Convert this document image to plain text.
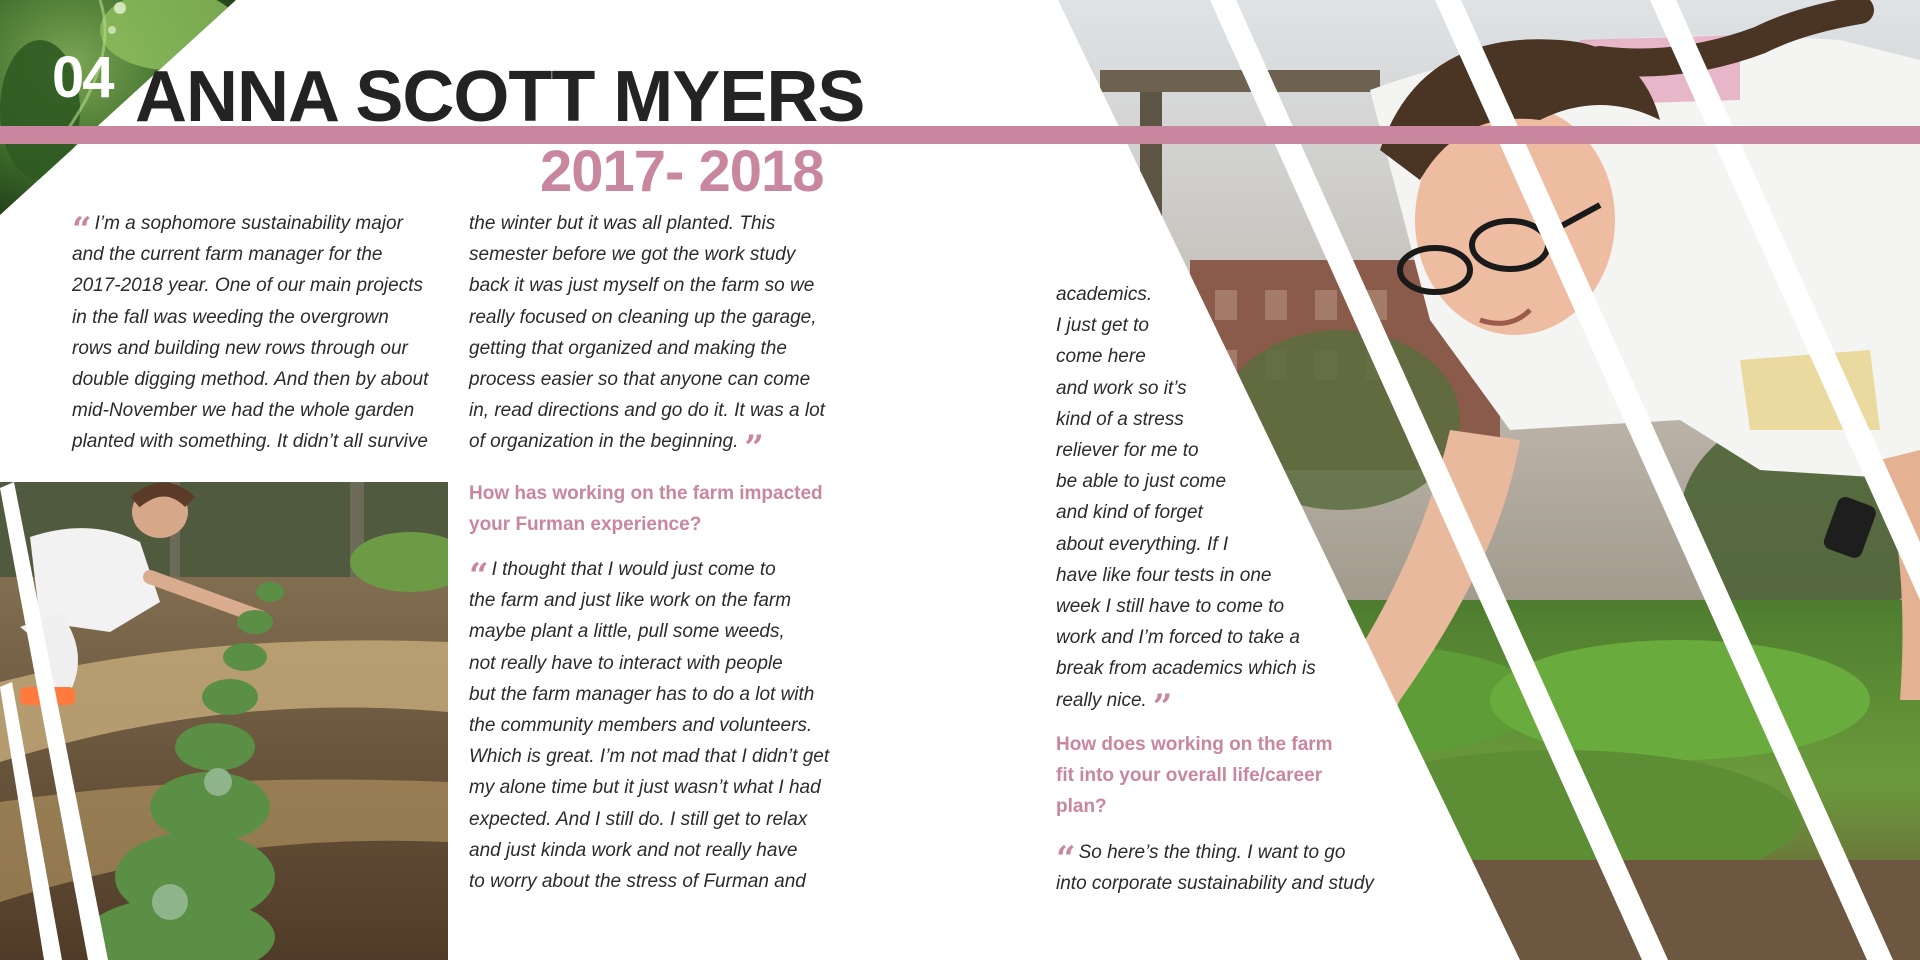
04 ANNA SCOTT MYERS
2017- 2018
“ I’m a sophomore sustainability major
and the current farm manager for the
2017-2018 year. One of our main projects
in the fall was weeding the overgrown
rows and building new rows through our
double digging method. And then by about
mid-November we had the whole garden
planted with something. It didn’t all survive
the winter but it was all planted. This
semester before we got the work study
back it was just myself on the farm so we
really focused on cleaning up the garage,
getting that organized and making the
process easier so that anyone can come
in, read directions and go do it. It was a lot
of organization in the beginning. ”
How has working on the farm impacted
your Furman experience?
“ I thought that I would just come to
the farm and just like work on the farm
maybe plant a little, pull some weeds,
not really have to interact with people
but the farm manager has to do a lot with
the community members and volunteers.
Which is great. I’m not mad that I didn’t get
my alone time but it just wasn’t what I had
expected. And I still do. I still get to relax
and just kinda work and not really have
to worry about the stress of Furman and
academics.
I just get to
come here
and work so it’s
kind of a stress
reliever for me to
be able to just come
and kind of forget
about everything. If I
have like four tests in one
week I still have to come to
work and I’m forced to take a
break from academics which is
really nice. ”
How does working on the farm
fit into your overall life/career
plan?
“ So here’s the thing. I want to go
into corporate sustainability and study
